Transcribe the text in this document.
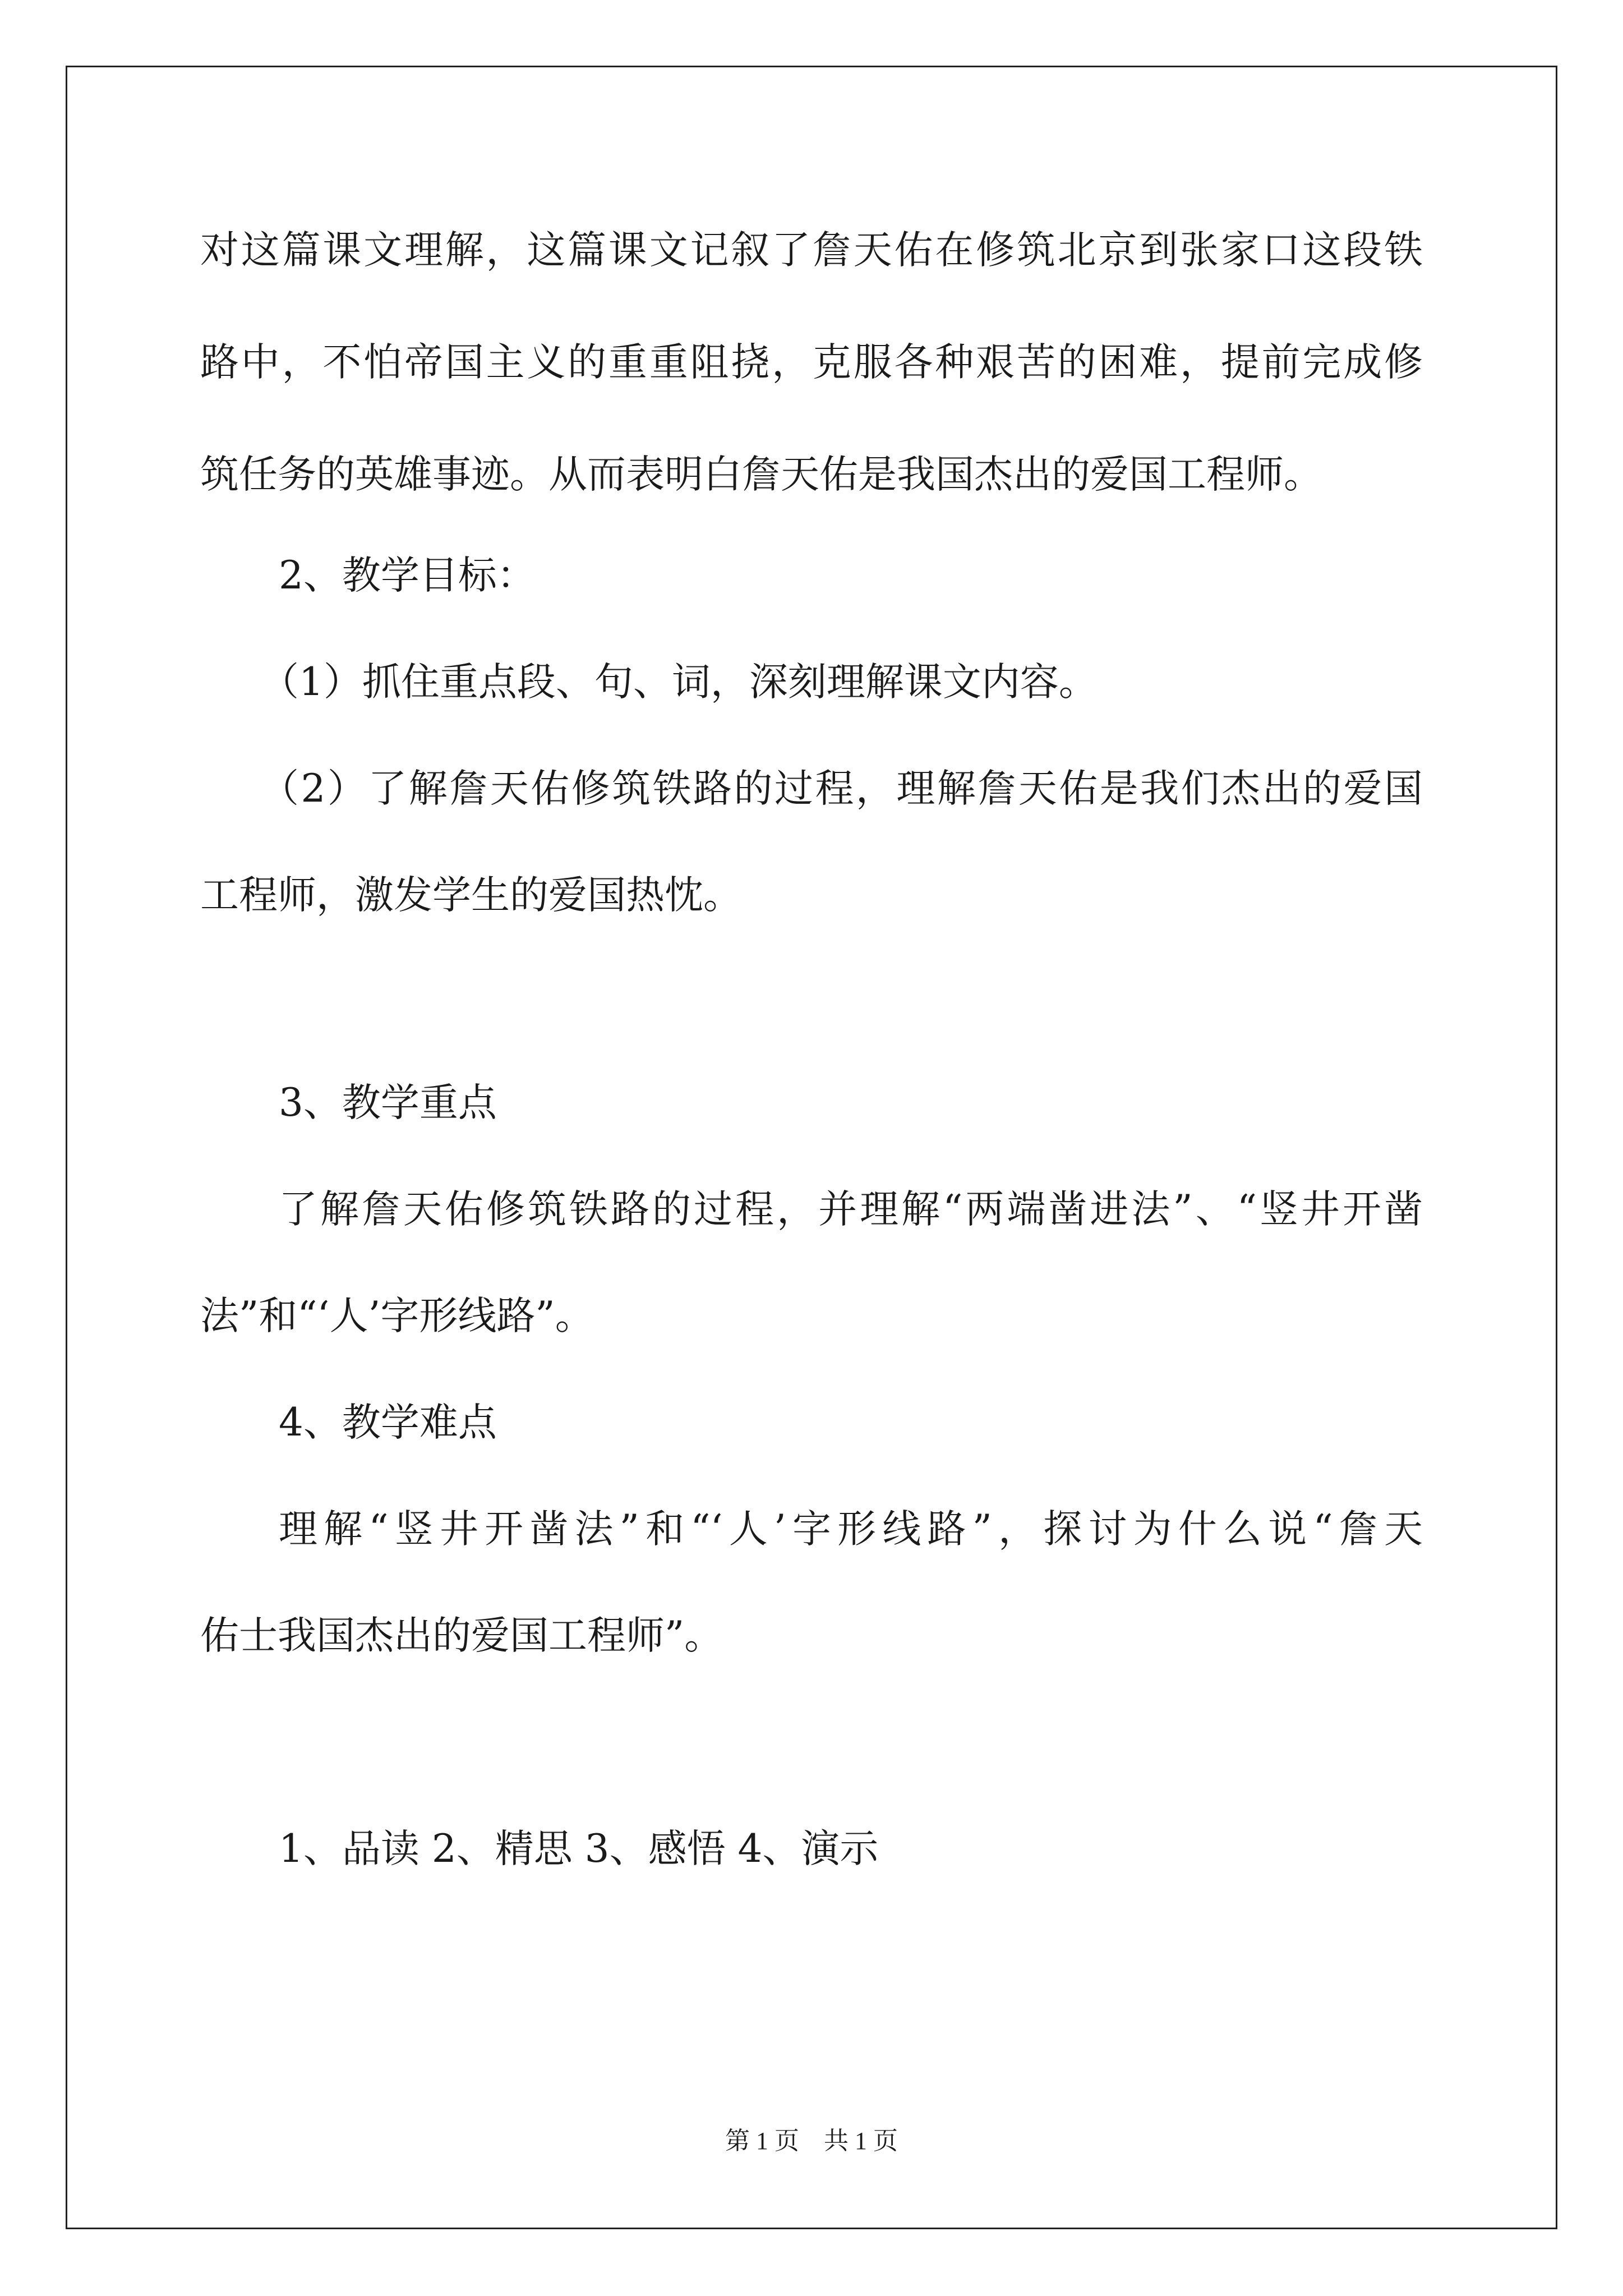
对这篇课文理解，这篇课文记叙了詹天佑在修筑北京到张家口这段铁
路中，不怕帝国主义的重重阻挠，克服各种艰苦的困难，提前完成修
筑任务的英雄事迹。从而表明白詹天佑是我国杰出的爱国工程师。
2、教学目标：
（1）抓住重点段、句、词，深刻理解课文内容。
（2）了解詹天佑修筑铁路的过程，理解詹天佑是我们杰出的爱国
工程师，激发学生的爱国热忱。
3、教学重点
了解詹天佑修筑铁路的过程，并理解“两端凿进法”、“竖井开凿
法”和“‘人’字形线路”。
4、教学难点
理解“竖井开凿法”和“‘人’字形线路”，探讨为什么说“詹天
佑士我国杰出的爱国工程师”。
1、品读 2、精思 3、感悟 4、演示
第 1 页    共 1 页
